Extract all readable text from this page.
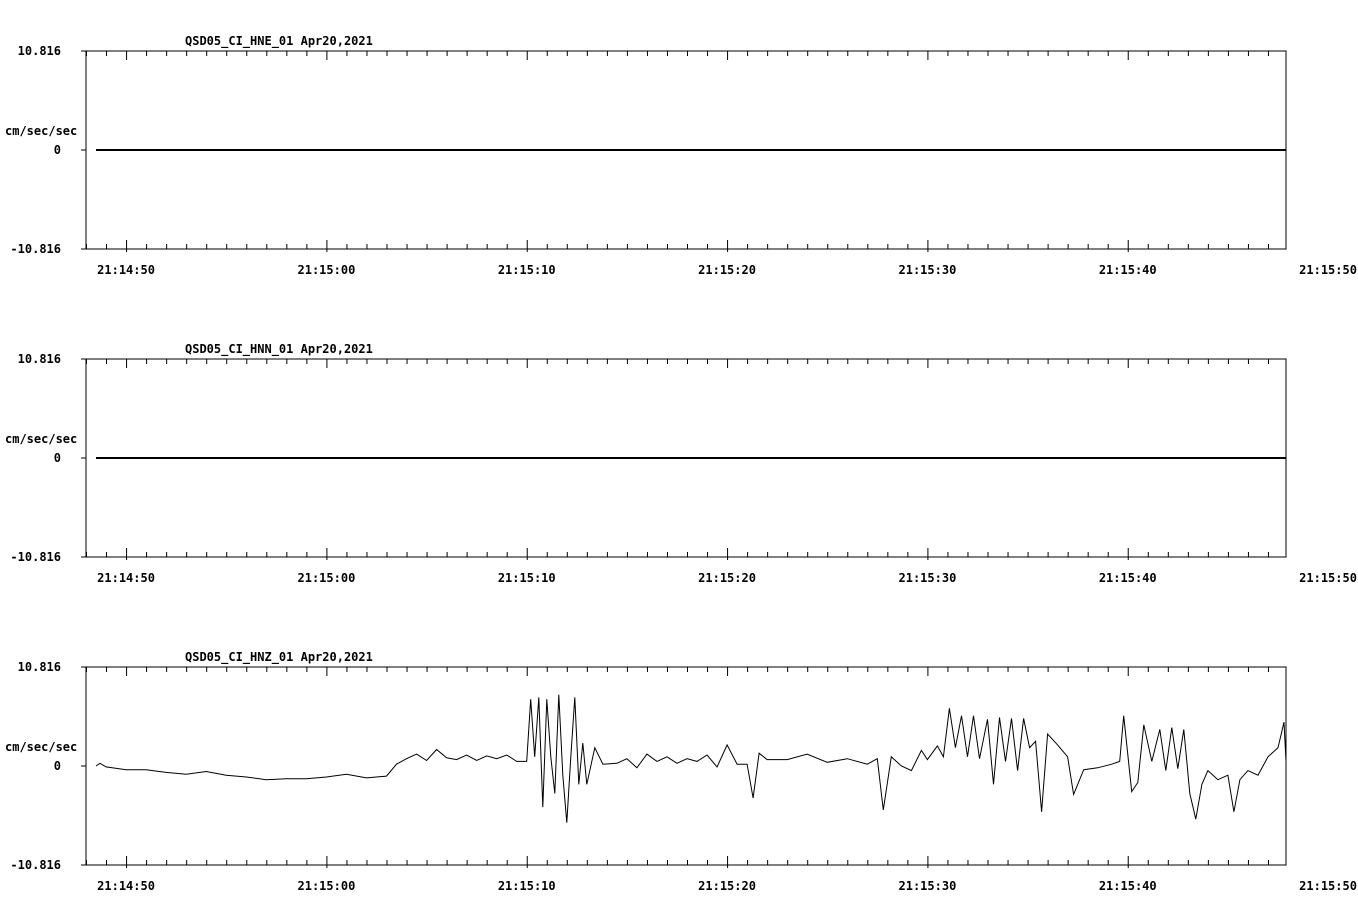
QSD05_CI_HNE_01 Apr20,2021
10.816
0
-10.816
cm/sec/sec
21:14:50	21:15:00	21:15:10	21:15:20	21:15:30	21:15:40	21:15:50
QSD05_CI_HNN_01 Apr20,2021
10.816
0
-10.816
cm/sec/sec
21:14:50	21:15:00	21:15:10	21:15:20	21:15:30	21:15:40	21:15:50
QSD05_CI_HNZ_01 Apr20,2021
10.816
0
-10.816
cm/sec/sec
21:14:50	21:15:00	21:15:10	21:15:20	21:15:30	21:15:40	21:15:50
